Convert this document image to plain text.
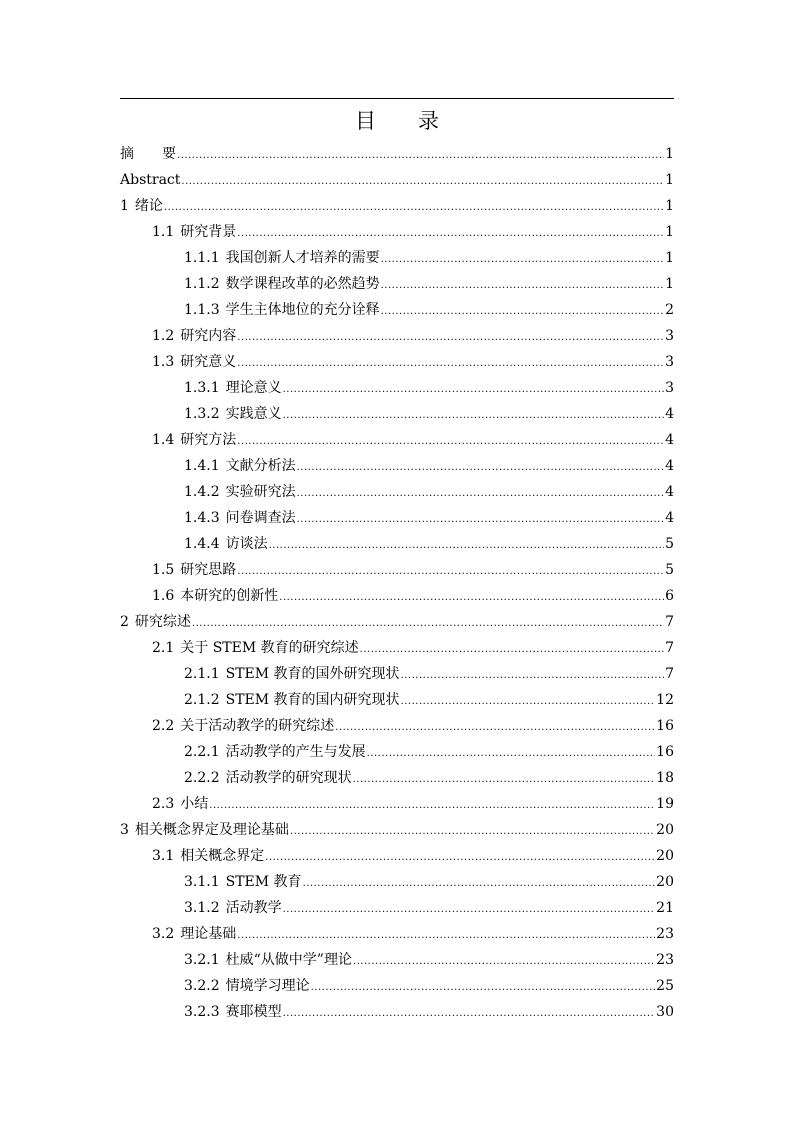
目　　录
摘　　要 .....	1
Abstract .....	1
1 绪论 .....	1
1.1 研究背景 .....	1
1.1.1 我国创新人才培养的需要 .....	1
1.1.2 数学课程改革的必然趋势 .....	1
1.1.3 学生主体地位的充分诠释 .....	2
1.2 研究内容 .....	3
1.3 研究意义 .....	3
1.3.1 理论意义 .....	3
1.3.2 实践意义 .....	4
1.4 研究方法 .....	4
1.4.1 文献分析法 .....	4
1.4.2 实验研究法 .....	4
1.4.3 问卷调查法 .....	4
1.4.4 访谈法 .....	5
1.5 研究思路 .....	5
1.6 本研究的创新性 .....	6
2 研究综述 .....	7
2.1 关于 STEM 教育的研究综述 .....	7
2.1.1 STEM 教育的国外研究现状 .....	7
2.1.2 STEM 教育的国内研究现状 .....	12
2.2 关于活动教学的研究综述 .....	16
2.2.1 活动教学的产生与发展 .....	16
2.2.2 活动教学的研究现状 .....	18
2.3 小结 .....	19
3 相关概念界定及理论基础 .....	20
3.1 相关概念界定 .....	20
3.1.1 STEM 教育 .....	20
3.1.2 活动教学 .....	21
3.2 理论基础 .....	23
3.2.1 杜威“从做中学”理论 .....	23
3.2.2 情境学习理论 .....	25
3.2.3 赛耶模型 .....	30
